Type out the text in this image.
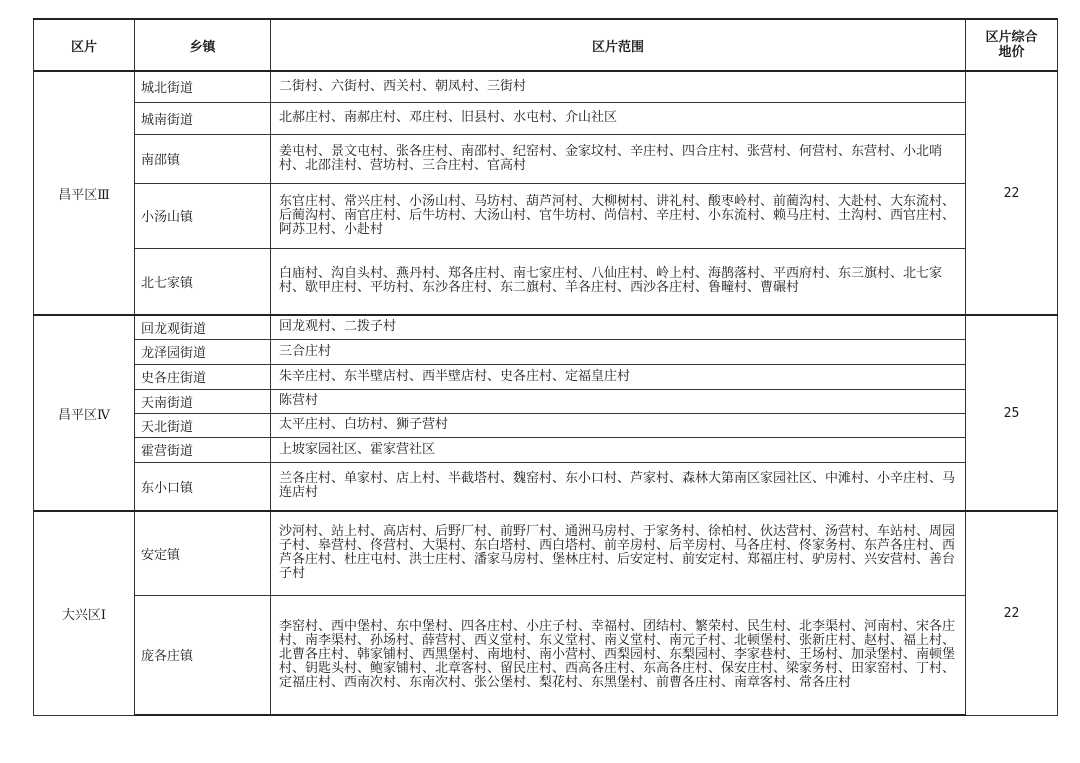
区片	乡镇	区片范围	区片综合
地价
昌平区Ⅲ	城北街道	二街村、六街村、西关村、朝凤村、三街村	22
	城南街道	北郝庄村、南郝庄村、邓庄村、旧县村、水屯村、介山社区	
	南邵镇	姜屯村、景文屯村、张各庄村、南邵村、纪窑村、金家坟村、辛庄村、四合庄村、张营村、何营村、东营村、小北哨村、北邵洼村、营坊村、三合庄村、官高村	
	小汤山镇	东官庄村、常兴庄村、小汤山村、马坊村、葫芦河村、大柳树村、讲礼村、酸枣岭村、前蔺沟村、大赴村、大东流村、后蔺沟村、南官庄村、后牛坊村、大汤山村、官牛坊村、尚信村、辛庄村、小东流村、赖马庄村、土沟村、西官庄村、阿苏卫村、小赴村	
	北七家镇	白庙村、沟自头村、燕丹村、郑各庄村、南七家庄村、八仙庄村、岭上村、海鹊落村、平西府村、东三旗村、北七家村、歇甲庄村、平坊村、东沙各庄村、东二旗村、羊各庄村、西沙各庄村、鲁疃村、曹碾村	
昌平区Ⅳ	回龙观街道	回龙观村、二拨子村	25
	龙泽园街道	三合庄村	
	史各庄街道	朱辛庄村、东半壁店村、西半壁店村、史各庄村、定福皇庄村	
	天南街道	陈营村	
	天北街道	太平庄村、白坊村、狮子营村	
	霍营街道	上坡家园社区、霍家营社区	
	东小口镇	兰各庄村、单家村、店上村、半截塔村、魏窑村、东小口村、芦家村、森林大第南区家园社区、中滩村、小辛庄村、马连店村	
大兴区Ⅰ	安定镇	沙河村、站上村、高店村、后野厂村、前野厂村、通洲马房村、于家务村、徐柏村、伙达营村、汤营村、车站村、周园子村、皋营村、佟营村、大渠村、东白塔村、西白塔村、前辛房村、后辛房村、马各庄村、佟家务村、东芦各庄村、西芦各庄村、杜庄屯村、洪士庄村、潘家马房村、堡林庄村、后安定村、前安定村、郑福庄村、驴房村、兴安营村、善台子村	22
	庞各庄镇	李窑村、西中堡村、东中堡村、四各庄村、小庄子村、幸福村、团结村、繁荣村、民生村、北李渠村、河南村、宋各庄村、南李渠村、孙场村、薛营村、西义堂村、东义堂村、南义堂村、南元子村、北顿堡村、张新庄村、赵村、福上村、北曹各庄村、韩家铺村、西黑堡村、南地村、南小营村、西梨园村、东梨园村、李家巷村、王场村、加录堡村、南顿堡村、钥匙头村、鲍家铺村、北章客村、留民庄村、西高各庄村、东高各庄村、保安庄村、梁家务村、田家窑村、丁村、定福庄村、西南次村、东南次村、张公堡村、梨花村、东黑堡村、前曹各庄村、南章客村、常各庄村	
